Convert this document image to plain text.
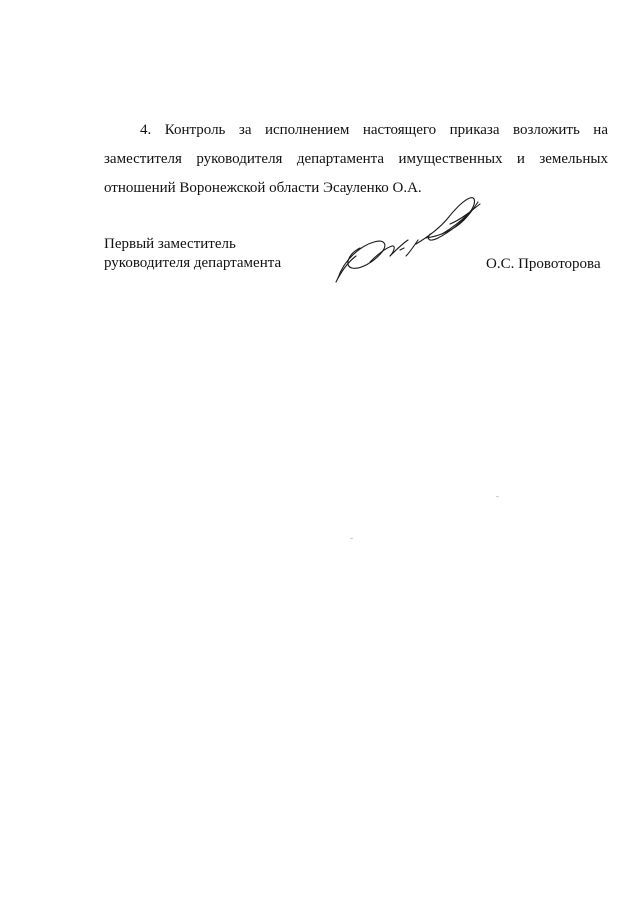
4. Контроль за исполнением настоящего приказа возложить на
заместителя руководителя департамента имущественных и земельных
отношений Воронежской области Эсауленко О.А.
Первый заместитель
руководителя департамента	О.С. Провоторова
